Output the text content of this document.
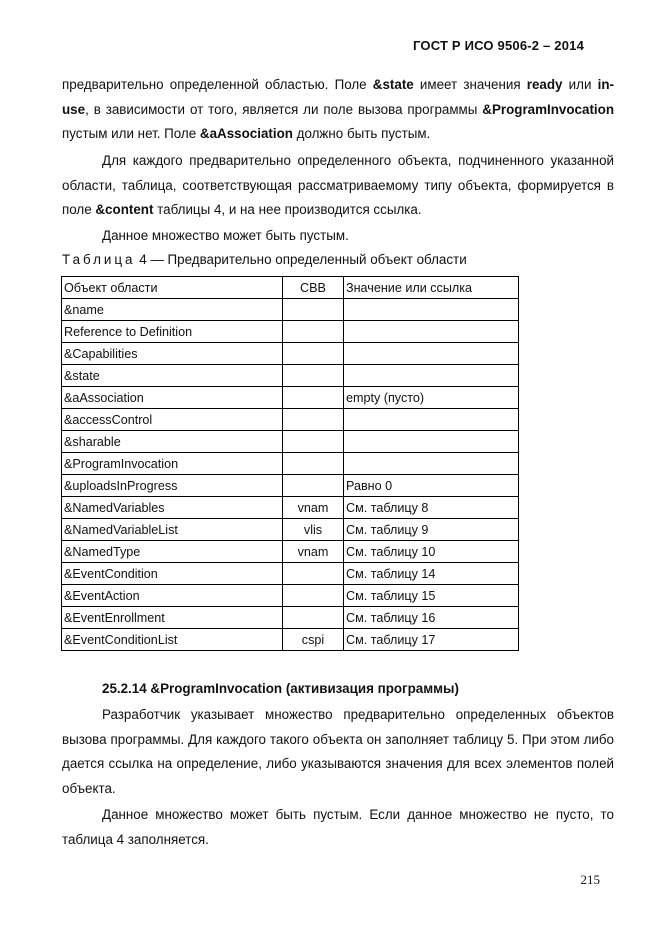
ГОСТ Р ИСО 9506-2 – 2014

предварительно определенной областью. Поле &state имеет значения ready или in-use, в зависимости от того, является ли поле вызова программы &ProgramInvocation пустым или нет. Поле &aAssociation должно быть пустым.

Для каждого предварительно определенного объекта, подчиненного указанной области, таблица, соответствующая рассматриваемому типу объекта, формируется в поле &content таблицы 4, и на нее производится ссылка.

Данное множество может быть пустым.

Таблица 4 — Предварительно определенный объект области
Объект области	СВВ	Значение или ссылка
&name		
Reference to Definition		
&Capabilities		
&state		
&aAssociation		empty (пусто)
&accessControl		
&sharable		
&ProgramInvocation		
&uploadsInProgress		Равно 0
&NamedVariables	vnam	См. таблицу 8
&NamedVariableList	vlis	См. таблицу 9
&NamedType	vnam	См. таблицу 10
&EventCondition		См. таблицу 14
&EventAction		См. таблицу 15
&EventEnrollment		См. таблицу 16
&EventConditionList	cspi	См. таблицу 17
25.2.14 &ProgramInvocation (активизация программы)

Разработчик указывает множество предварительно определенных объектов вызова программы. Для каждого такого объекта он заполняет таблицу 5. При этом либо дается ссылка на определение, либо указываются значения для всех элементов полей объекта.

Данное множество может быть пустым. Если данное множество не пусто, то таблица 4 заполняется.

215
